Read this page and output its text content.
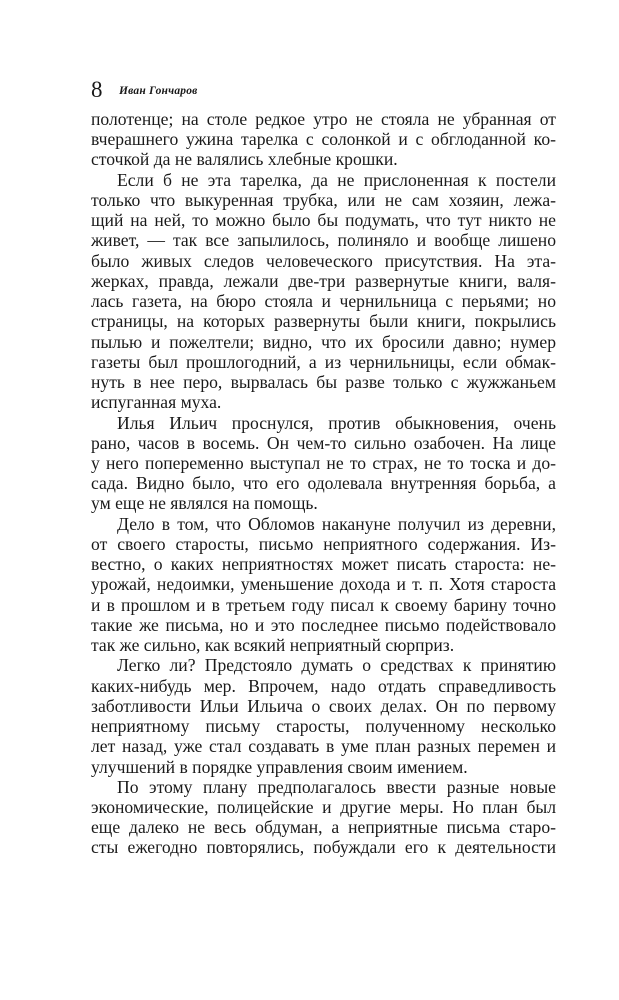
8 Иван Гончаров
полотенце; на столе редкое утро не стояла не убранная от
вчерашнего ужина тарелка с солонкой и с обглоданной ко-
сточкой да не валялись хлебные крошки.
Если б не эта тарелка, да не прислоненная к постели
только что выкуренная трубка, или не сам хозяин, лежа-
щий на ней, то можно было бы подумать, что тут никто не
живет, — так все запылилось, полиняло и вообще лишено
было живых следов человеческого присутствия. На эта-
жерках, правда, лежали две-три развернутые книги, валя-
лась газета, на бюро стояла и чернильница с перьями; но
страницы, на которых развернуты были книги, покрылись
пылью и пожелтели; видно, что их бросили давно; нумер
газеты был прошлогодний, а из чернильницы, если обмак-
нуть в нее перо, вырвалась бы разве только с жужжаньем
испуганная муха.
Илья Ильич проснулся, против обыкновения, очень
рано, часов в восемь. Он чем-то сильно озабочен. На лице
у него попеременно выступал не то страх, не то тоска и до-
сада. Видно было, что его одолевала внутренняя борьба, а
ум еще не являлся на помощь.
Дело в том, что Обломов накануне получил из деревни,
от своего старосты, письмо неприятного содержания. Из-
вестно, о каких неприятностях может писать староста: не-
урожай, недоимки, уменьшение дохода и т. п. Хотя староста
и в прошлом и в третьем году писал к своему барину точно
такие же письма, но и это последнее письмо подействовало
так же сильно, как всякий неприятный сюрприз.
Легко ли? Предстояло думать о средствах к принятию
каких-нибудь мер. Впрочем, надо отдать справедливость
заботливости Ильи Ильича о своих делах. Он по первому
неприятному письму старосты, полученному несколько
лет назад, уже стал создавать в уме план разных перемен и
улучшений в порядке управления своим имением.
По этому плану предполагалось ввести разные новые
экономические, полицейские и другие меры. Но план был
еще далеко не весь обдуман, а неприятные письма старо-
сты ежегодно повторялись, побуждали его к деятельности
